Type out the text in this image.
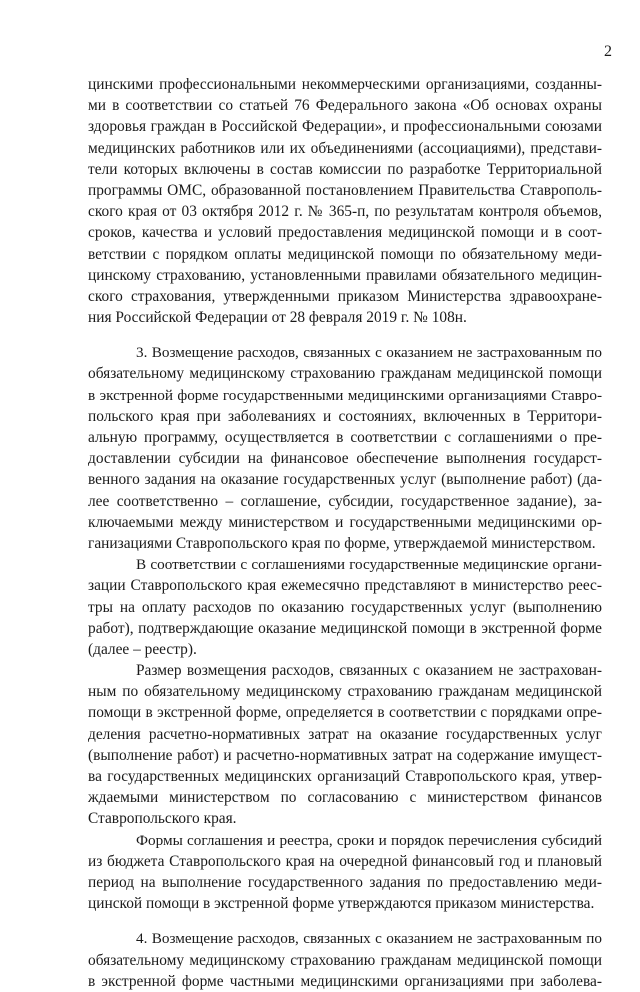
2
цинскими профессиональными некоммерческими организациями, созданны-
ми в соответствии со статьей 76 Федерального закона «Об основах охраны
здоровья граждан в Российской Федерации», и профессиональными союзами
медицинских работников или их объединениями (ассоциациями), представи-
тели которых включены в состав комиссии по разработке Территориальной
программы ОМС, образованной постановлением Правительства Ставрополь-
ского края от 03 октября 2012 г. № 365-п, по результатам контроля объемов,
сроков, качества и условий предоставления медицинской помощи и в соот-
ветствии с порядком оплаты медицинской помощи по обязательному меди-
цинскому страхованию, установленными правилами обязательного медицин-
ского страхования, утвержденными приказом Министерства здравоохране-
ния Российской Федерации от 28 февраля 2019 г. № 108н.
3. Возмещение расходов, связанных с оказанием не застрахованным по
обязательному медицинскому страхованию гражданам медицинской помощи
в экстренной форме государственными медицинскими организациями Ставро-
польского края при заболеваниях и состояниях, включенных в Территори-
альную программу, осуществляется в соответствии с соглашениями о пре-
доставлении субсидии на финансовое обеспечение выполнения государст-
венного задания на оказание государственных услуг (выполнение работ) (да-
лее соответственно – соглашение, субсидии, государственное задание), за-
ключаемыми между министерством и государственными медицинскими ор-
ганизациями Ставропольского края по форме, утверждаемой министерством.
В соответствии с соглашениями государственные медицинские органи-
зации Ставропольского края ежемесячно представляют в министерство реес-
тры на оплату расходов по оказанию государственных услуг (выполнению
работ), подтверждающие оказание медицинской помощи в экстренной форме
(далее – реестр).
Размер возмещения расходов, связанных с оказанием не застрахован-
ным по обязательному медицинскому страхованию гражданам медицинской
помощи в экстренной форме, определяется в соответствии с порядками опре-
деления расчетно-нормативных затрат на оказание государственных услуг
(выполнение работ) и расчетно-нормативных затрат на содержание имущест-
ва государственных медицинских организаций Ставропольского края, утвер-
ждаемыми министерством по согласованию с министерством финансов
Ставропольского края.
Формы соглашения и реестра, сроки и порядок перечисления субсидий
из бюджета Ставропольского края на очередной финансовый год и плановый
период на выполнение государственного задания по предоставлению меди-
цинской помощи в экстренной форме утверждаются приказом министерства.
4. Возмещение расходов, связанных с оказанием не застрахованным по
обязательному медицинскому страхованию гражданам медицинской помощи
в экстренной форме частными медицинскими организациями при заболева-
